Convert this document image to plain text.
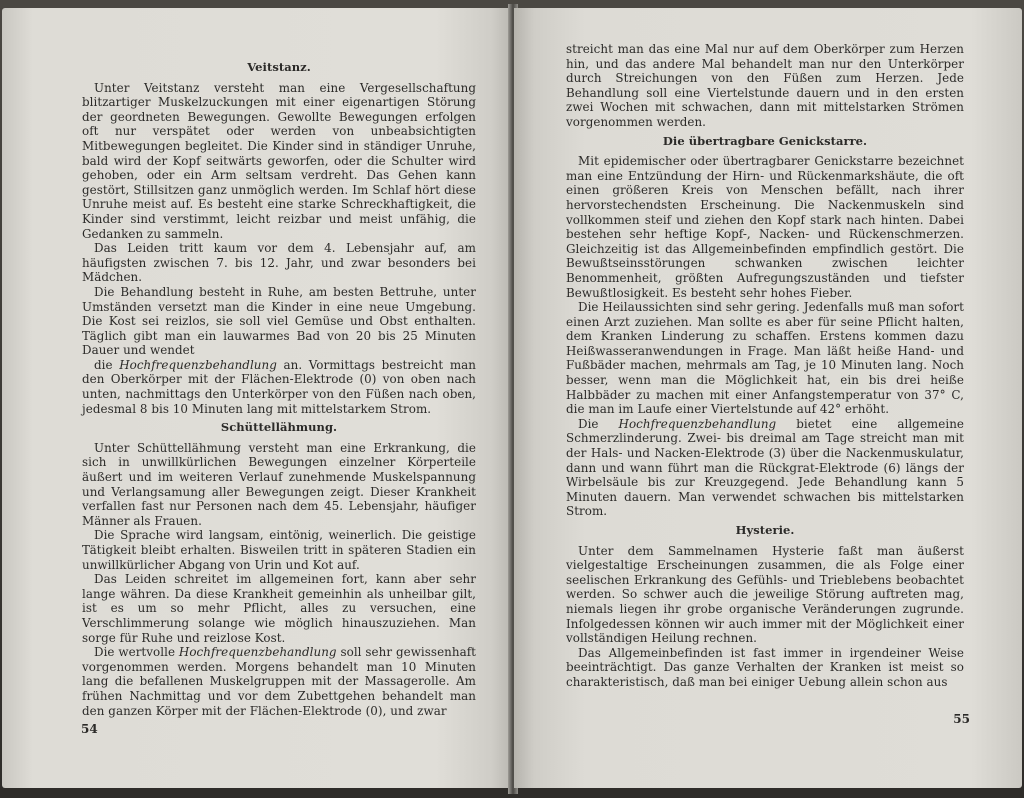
Veitstanz.

Unter Veitstanz versteht man eine Vergesellschaftung blitzartiger Muskelzuckungen mit einer eigenartigen Störung der geordneten Bewegungen. Gewollte Bewegungen erfolgen oft nur verspätet oder werden von unbeabsichtigten Mitbewegungen begleitet. Die Kinder sind in ständiger Unruhe, bald wird der Kopf seitwärts geworfen, oder die Schulter wird gehoben, oder ein Arm seltsam verdreht. Das Gehen kann gestört, Stillsitzen ganz unmöglich werden. Im Schlaf hört diese Unruhe meist auf. Es besteht eine starke Schreckhaftigkeit, die Kinder sind verstimmt, leicht reizbar und meist unfähig, die Gedanken zu sammeln.

Das Leiden tritt kaum vor dem 4. Lebensjahr auf, am häufigsten zwischen 7. bis 12. Jahr, und zwar besonders bei Mädchen.

Die Behandlung besteht in Ruhe, am besten Bettruhe, unter Umständen versetzt man die Kinder in eine neue Umgebung. Die Kost sei reizlos, sie soll viel Gemüse und Obst enthalten. Täglich gibt man ein lauwarmes Bad von 20 bis 25 Minuten Dauer und wendet

die Hochfrequenzbehandlung an. Vormittags bestreicht man den Oberkörper mit der Flächen-Elektrode (0) von oben nach unten, nachmittags den Unterkörper von den Füßen nach oben, jedesmal 8 bis 10 Minuten lang mit mittelstarkem Strom.

Schüttellähmung.

Unter Schüttellähmung versteht man eine Erkrankung, die sich in unwillkürlichen Bewegungen einzelner Körperteile äußert und im weiteren Verlauf zunehmende Muskelspannung und Verlangsamung aller Bewegungen zeigt. Dieser Krankheit verfallen fast nur Personen nach dem 45. Lebensjahr, häufiger Männer als Frauen.

Die Sprache wird langsam, eintönig, weinerlich. Die geistige Tätigkeit bleibt erhalten. Bisweilen tritt in späteren Stadien ein unwillkürlicher Abgang von Urin und Kot auf.

Das Leiden schreitet im allgemeinen fort, kann aber sehr lange währen. Da diese Krankheit gemeinhin als unheilbar gilt, ist es um so mehr Pflicht, alles zu versuchen, eine Verschlimmerung solange wie möglich hinauszuziehen. Man sorge für Ruhe und reizlose Kost.

Die wertvolle Hochfrequenzbehandlung soll sehr gewissenhaft vorgenommen werden. Morgens behandelt man 10 Minuten lang die befallenen Muskelgruppen mit der Massagerolle. Am frühen Nachmittag und vor dem Zubettgehen behandelt man den ganzen Körper mit der Flächen-Elektrode (0), und zwar

54

streicht man das eine Mal nur auf dem Oberkörper zum Herzen hin, und das andere Mal behandelt man nur den Unterkörper durch Streichungen von den Füßen zum Herzen. Jede Behandlung soll eine Viertelstunde dauern und in den ersten zwei Wochen mit schwachen, dann mit mittelstarken Strömen vorgenommen werden.

Die übertragbare Genickstarre.

Mit epidemischer oder übertragbarer Genickstarre bezeichnet man eine Entzündung der Hirn- und Rückenmarkshäute, die oft einen größeren Kreis von Menschen befällt, nach ihrer hervorstechendsten Erscheinung. Die Nackenmuskeln sind vollkommen steif und ziehen den Kopf stark nach hinten. Dabei bestehen sehr heftige Kopf-, Nacken- und Rückenschmerzen. Gleichzeitig ist das Allgemeinbefinden empfindlich gestört. Die Bewußtseinsstörungen schwanken zwischen leichter Benommenheit, größten Aufregungszuständen und tiefster Bewußtlosigkeit. Es besteht sehr hohes Fieber.

Die Heilaussichten sind sehr gering. Jedenfalls muß man sofort einen Arzt zuziehen. Man sollte es aber für seine Pflicht halten, dem Kranken Linderung zu schaffen. Erstens kommen dazu Heißwasseranwendungen in Frage. Man läßt heiße Hand- und Fußbäder machen, mehrmals am Tag, je 10 Minuten lang. Noch besser, wenn man die Möglichkeit hat, ein bis drei heiße Halbbäder zu machen mit einer Anfangstemperatur von 37° C, die man im Laufe einer Viertelstunde auf 42° erhöht.

Die Hochfrequenzbehandlung bietet eine allgemeine Schmerzlinderung. Zwei- bis dreimal am Tage streicht man mit der Hals- und Nacken-Elektrode (3) über die Nackenmuskulatur, dann und wann führt man die Rückgrat-Elektrode (6) längs der Wirbelsäule bis zur Kreuzgegend. Jede Behandlung kann 5 Minuten dauern. Man verwendet schwachen bis mittelstarken Strom.

Hysterie.

Unter dem Sammelnamen Hysterie faßt man äußerst vielgestaltige Erscheinungen zusammen, die als Folge einer seelischen Erkrankung des Gefühls- und Trieblebens beobachtet werden. So schwer auch die jeweilige Störung auftreten mag, niemals liegen ihr grobe organische Veränderungen zugrunde. Infolgedessen können wir auch immer mit der Möglichkeit einer vollständigen Heilung rechnen.

Das Allgemeinbefinden ist fast immer in irgendeiner Weise beeinträchtigt. Das ganze Verhalten der Kranken ist meist so charakteristisch, daß man bei einiger Uebung allein schon aus

55
